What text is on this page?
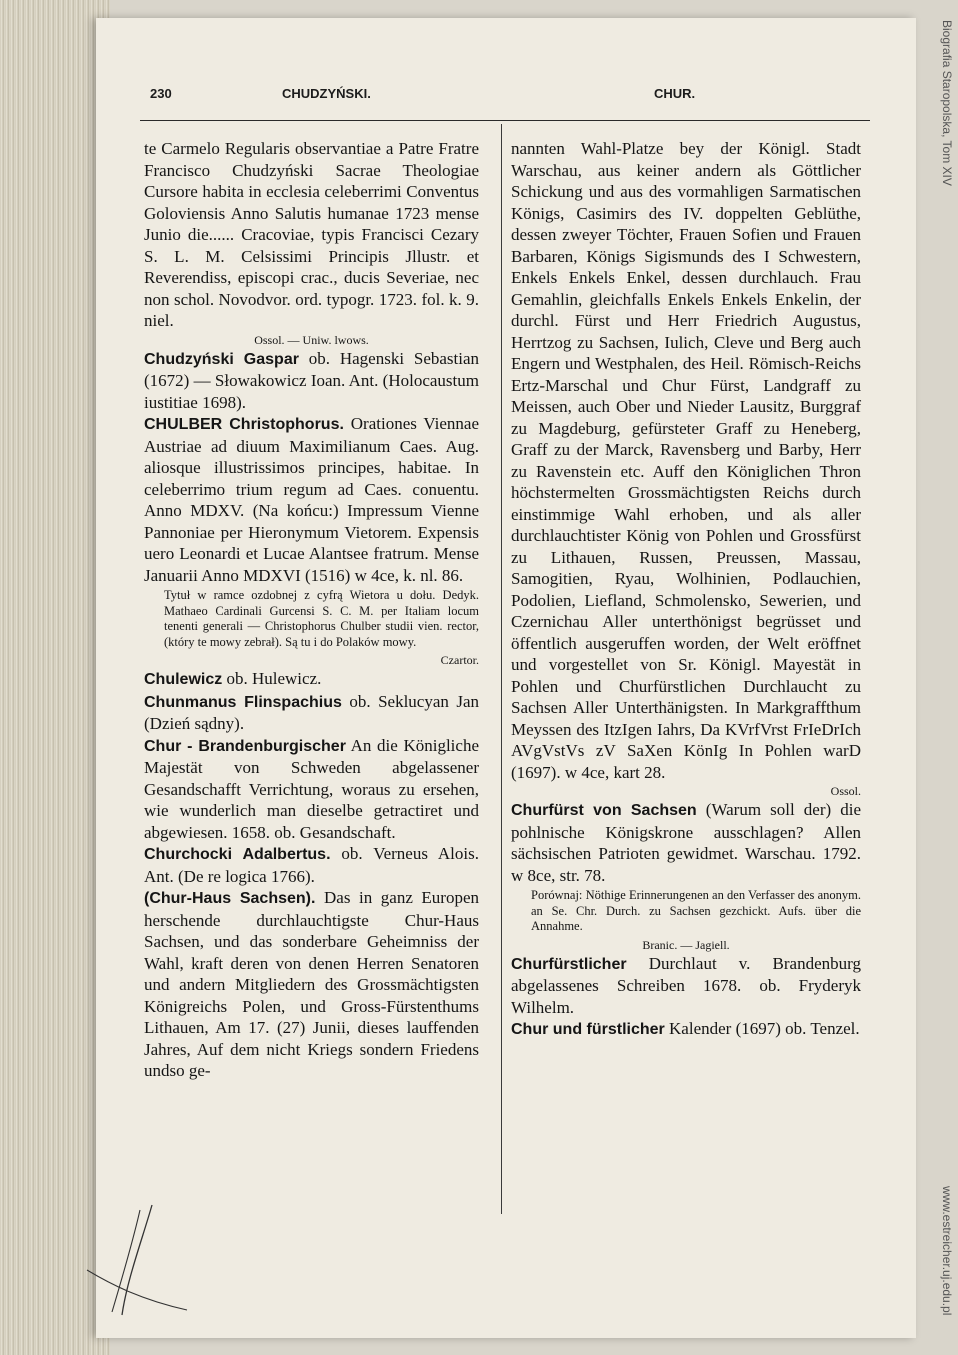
Biografia Staropolska, Tom XIV
www.estreicher.uj.edu.pl
230	CHUDZYŃSKI.	CHUR.

te Carmelo Regularis observantiae a Patre Fratre Francisco Chudzyński Sacrae Theologiae Cursore habita in ecclesia celeberrimi Conventus Goloviensis Anno Salutis humanae 1723 mense Junio die...... Cracoviae, typis Francisci Cezary S. L. M. Celsissimi Principis Jllustr. et Reverendiss, episcopi crac., ducis Severiae, nec non schol. Novodvor. ord. typogr. 1723. fol. k. 9. niel.

Ossol. — Uniw. lwows.

Chudzyński Gaspar ob. Hagenski Sebastian (1672) — Słowakowicz Ioan. Ant. (Holocaustum iustitiae 1698).

CHULBER Christophorus. Orationes Viennae Austriae ad diuum Maximilianum Caes. Aug. aliosque illustrissimos principes, habitae. In celeberrimo trium regum ad Caes. conuentu. Anno MDXV. (Na końcu:) Impressum Vienne Pannoniae per Hieronymum Vietorem. Expensis uero Leonardi et Lucae Alantsee fratrum. Mense Januarii Anno MDXVI (1516) w 4ce, k. nl. 86.

Tytuł w ramce ozdobnej z cyfrą Wietora u dołu. Dedyk. Mathaeo Cardinali Gurcensi S. C. M. per Italiam locum tenenti generali — Christophorus Chulber studii vien. rector, (który te mowy zebrał). Są tu i do Polaków mowy.

Czartor.

Chulewicz ob. Hulewicz.

Chunmanus Flinspachius ob. Seklucyan Jan (Dzień sądny).

Chur - Brandenburgischer An die Königliche Majestät von Schweden abgelassener Gesandschafft Verrichtung, woraus zu ersehen, wie wunderlich man dieselbe getractiret und abgewiesen. 1658. ob. Gesandschaft.

Churchocki Adalbertus. ob. Verneus Alois. Ant. (De re logica 1766).

(Chur-Haus Sachsen). Das in ganz Europen herschende durchlauchtigste Chur-Haus Sachsen, und das sonderbare Geheimniss der Wahl, kraft deren von denen Herren Senatoren und andern Mitgliedern des Grossmächtigsten Königreichs Polen, und Gross-Fürstenthums Lithauen, Am 17. (27) Junii, dieses lauffenden Jahres, Auf dem nicht Kriegs sondern Friedens undso ge-

nannten Wahl-Platze bey der Königl. Stadt Warschau, aus keiner andern als Göttlicher Schickung und aus des vormahligen Sarmatischen Königs, Casimirs des IV. doppelten Geblüthe, dessen zweyer Töchter, Frauen Sofien und Frauen Barbaren, Königs Sigismunds des I Schwestern, Enkels Enkels Enkel, dessen durchlauch. Frau Gemahlin, gleichfalls Enkels Enkels Enkelin, der durchl. Fürst und Herr Friedrich Augustus, Herrtzog zu Sachsen, Iulich, Cleve und Berg auch Engern und Westphalen, des Heil. Römisch-Reichs Ertz-Marschal und Chur Fürst, Landgraff zu Meissen, auch Ober und Nieder Lausitz, Burggraf zu Magdeburg, gefürsteter Graff zu Heneberg, Graff zu der Marck, Ravensberg und Barby, Herr zu Ravenstein etc. Auff den Königlichen Thron höchstermelten Grossmächtigsten Reichs durch einstimmige Wahl erhoben, und als aller durchlauchtister König von Pohlen und Grossfürst zu Lithauen, Russen, Preussen, Massau, Samogitien, Ryau, Wolhinien, Podlauchien, Podolien, Liefland, Schmolensko, Sewerien, und Czernichau Aller unterthönigst begrüsset und öffentlich ausgeruffen worden, der Welt eröffnet und vorgestellet von Sr. Königl. Mayestät in Pohlen und Churfürstlichen Durchlaucht zu Sachsen Aller Unterthänigsten. In Markgraffthum Meyssen des ItzIgen Iahrs, Da KVrfVrst FrIeDrIch AVgVstVs zV SaXen KönIg In Pohlen warD (1697). w 4ce, kart 28.

Ossol.

Churfürst von Sachsen (Warum soll der) die pohlnische Königskrone ausschlagen? Allen sächsischen Patrioten gewidmet. Warschau. 1792. w 8ce, str. 78.

Porównaj: Nöthige Erinnerungenen an den Verfasser des anonym. an Se. Chr. Durch. zu Sachsen gezchickt. Aufs. über die Annahme.

Branic. — Jagiell.

Churfürstlicher Durchlaut v. Brandenburg abgelassenes Schreiben 1678. ob. Fryderyk Wilhelm.

Chur und fürstlicher Kalender (1697) ob. Tenzel.
